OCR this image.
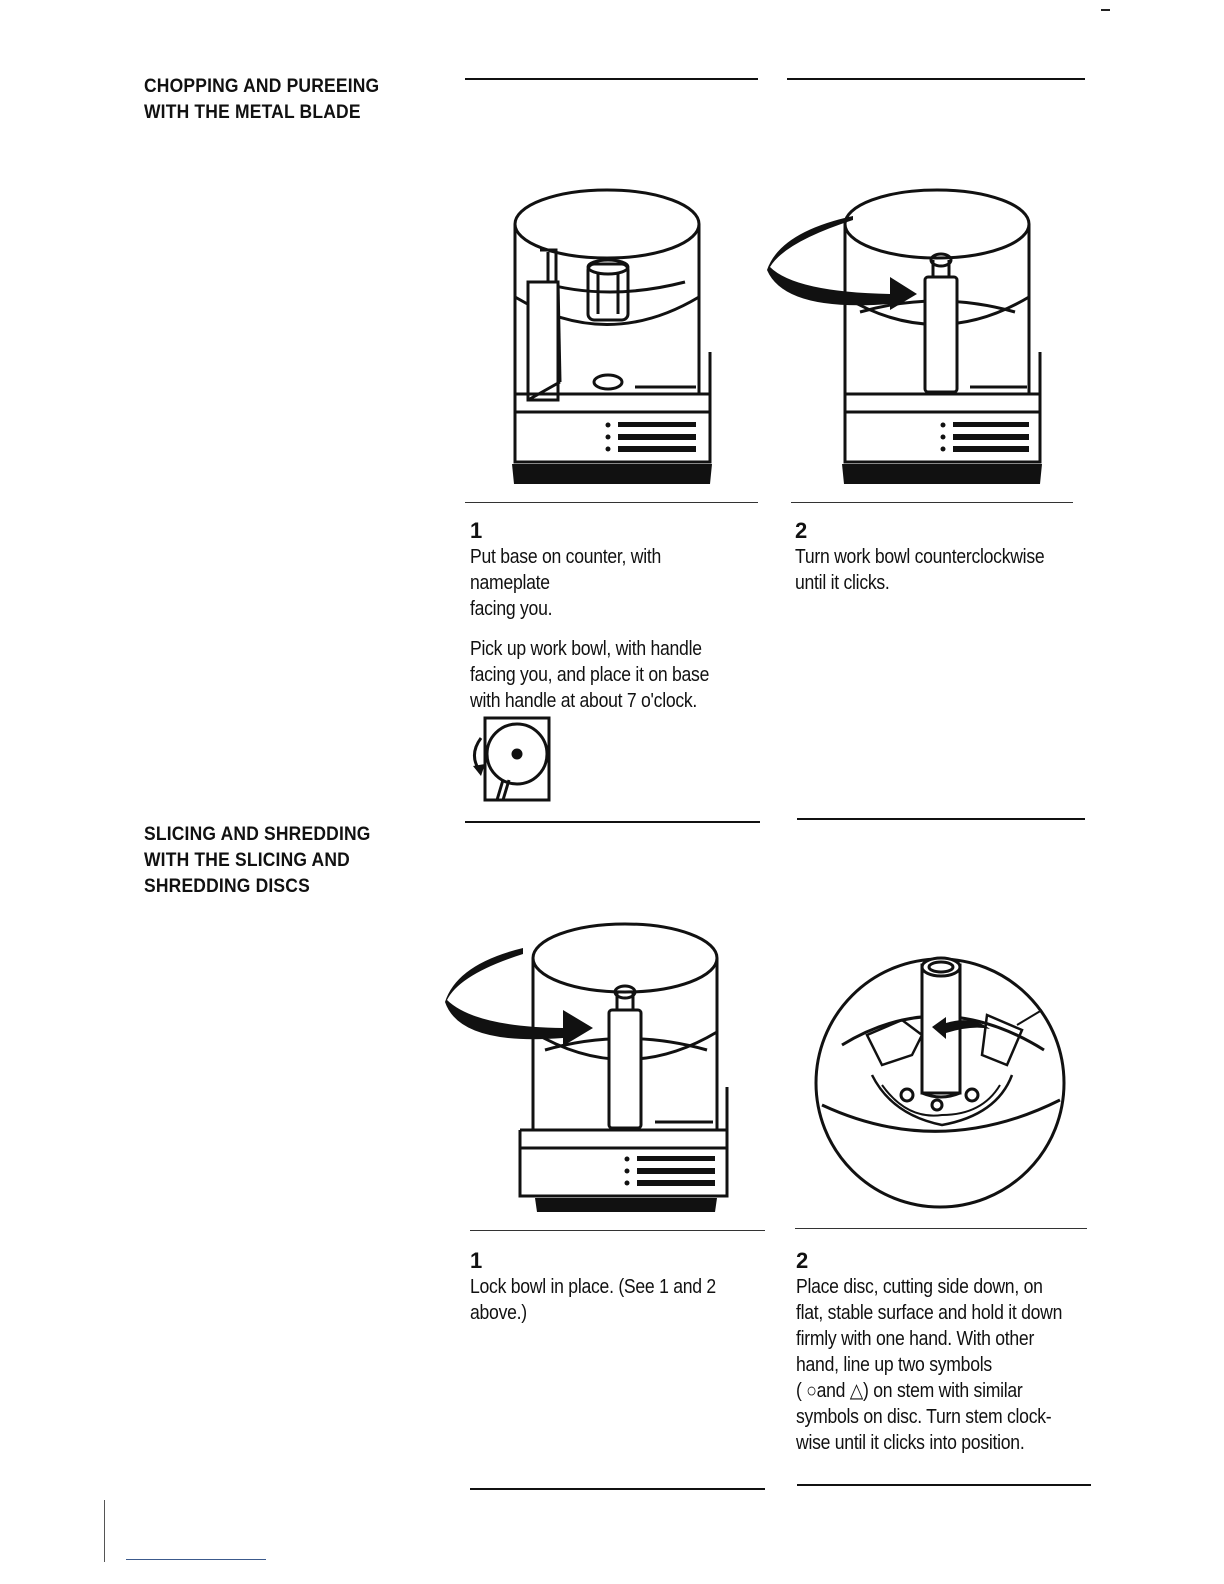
CHOPPING AND PUREEING
WITH THE METAL BLADE
SLICING AND SHREDDING
WITH THE SLICING AND
SHREDDING DISCS
1
Put base on counter, with nameplate
facing you.
Pick up work bowl, with handle
facing you, and place it on base
with handle at about 7 o'clock.
2
Turn work bowl counterclockwise
until it clicks.
1
Lock bowl in place. (See 1 and 2
above.)
2
Place disc, cutting side down, on
flat, stable surface and hold it down
firmly with one hand. With other
hand, line up two symbols
( ○and △) on stem with similar
symbols on disc. Turn stem clock-
wise until it clicks into position.
